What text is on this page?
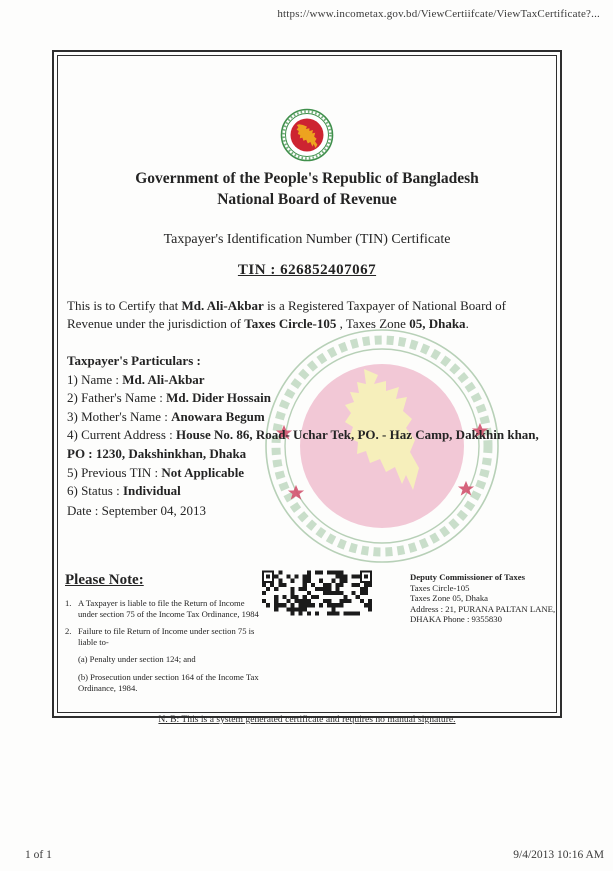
https://www.incometax.gov.bd/ViewCertiifcate/ViewTaxCertificate?...
Government of the People's Republic of Bangladesh
National Board of Revenue
Taxpayer's Identification Number (TIN) Certificate
TIN : 626852407067

This is to Certify that Md. Ali-Akbar is a Registered Taxpayer of National Board of Revenue under the jurisdiction of Taxes Circle-105 , Taxes Zone 05, Dhaka.

Taxpayer's Particulars :
1) Name : Md. Ali-Akbar
2) Father's Name : Md. Dider Hossain
3) Mother's Name : Anowara Begum
4) Current Address : House No. 86, Road- Uchar Tek, PO. - Haz Camp, Dakkhin khan, PO : 1230, Dakshinkhan, Dhaka
5) Previous TIN : Not Applicable
6) Status : Individual
Date : September 04, 2013
Please Note:
1. A Taxpayer is liable to file the Return of Income under section 75 of the Income Tax Ordinance, 1984
2. Failure to file Return of Income under section 75 is liable to-
(a) Penalty under section 124; and
(b) Prosecution under section 164 of the Income Tax Ordinance, 1984.
Deputy Commissioner of Taxes
Taxes Circle-105
Taxes Zone 05, Dhaka
Address : 21, PURANA PALTAN LANE,
DHAKA Phone : 9355830
N. B: This is a system generated certificate and requires no manual signature.
1 of 1	9/4/2013 10:16 AM
